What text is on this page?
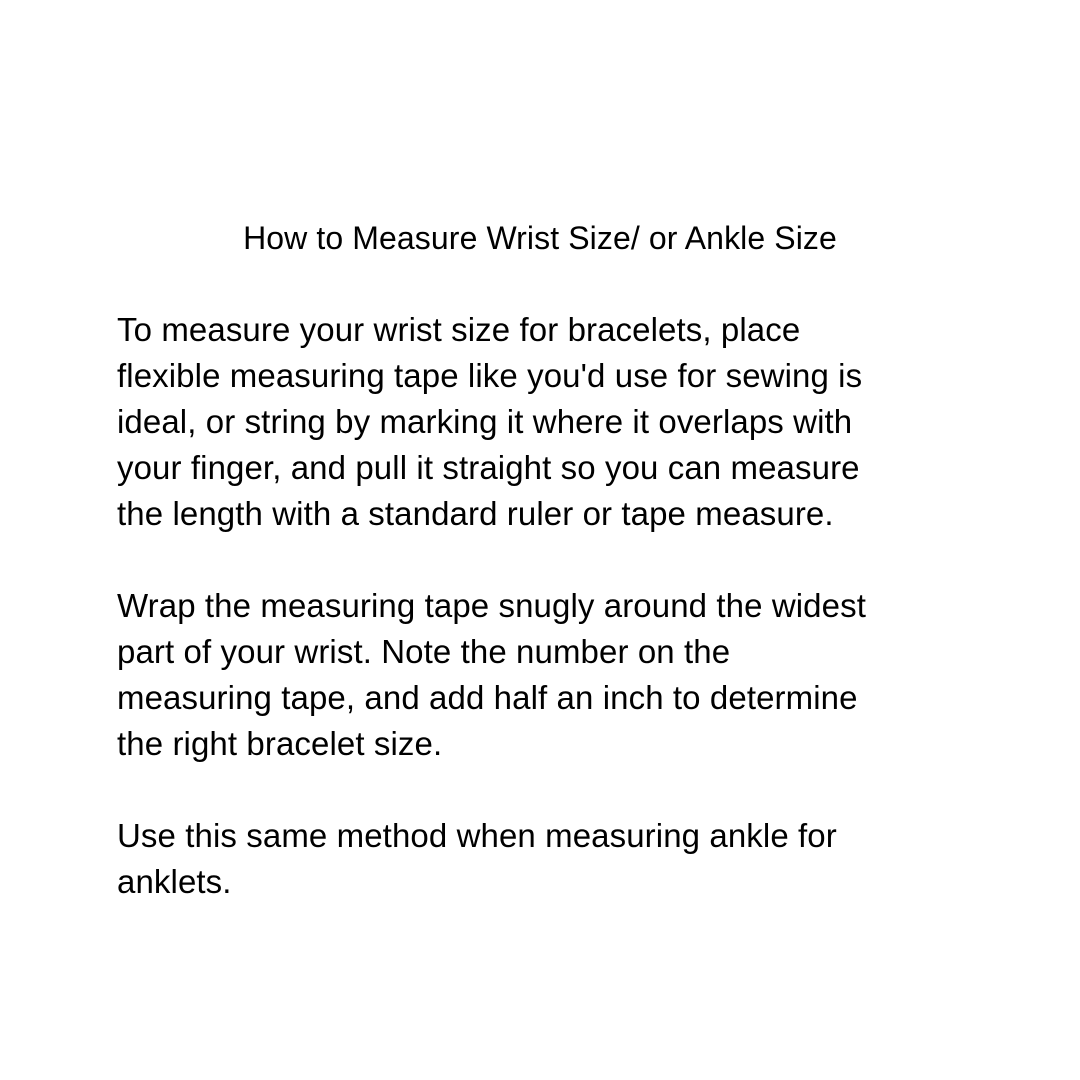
How to Measure Wrist Size/ or Ankle Size

To measure your wrist size for bracelets, place

flexible measuring tape like you'd use for sewing is

ideal, or string by marking it where it overlaps with

your finger, and pull it straight so you can measure

the length with a standard ruler or tape measure.

Wrap the measuring tape snugly around the widest

part of your wrist. Note the number on the

measuring tape, and add half an inch to determine

the right bracelet size.

Use this same method when measuring ankle for

anklets.
